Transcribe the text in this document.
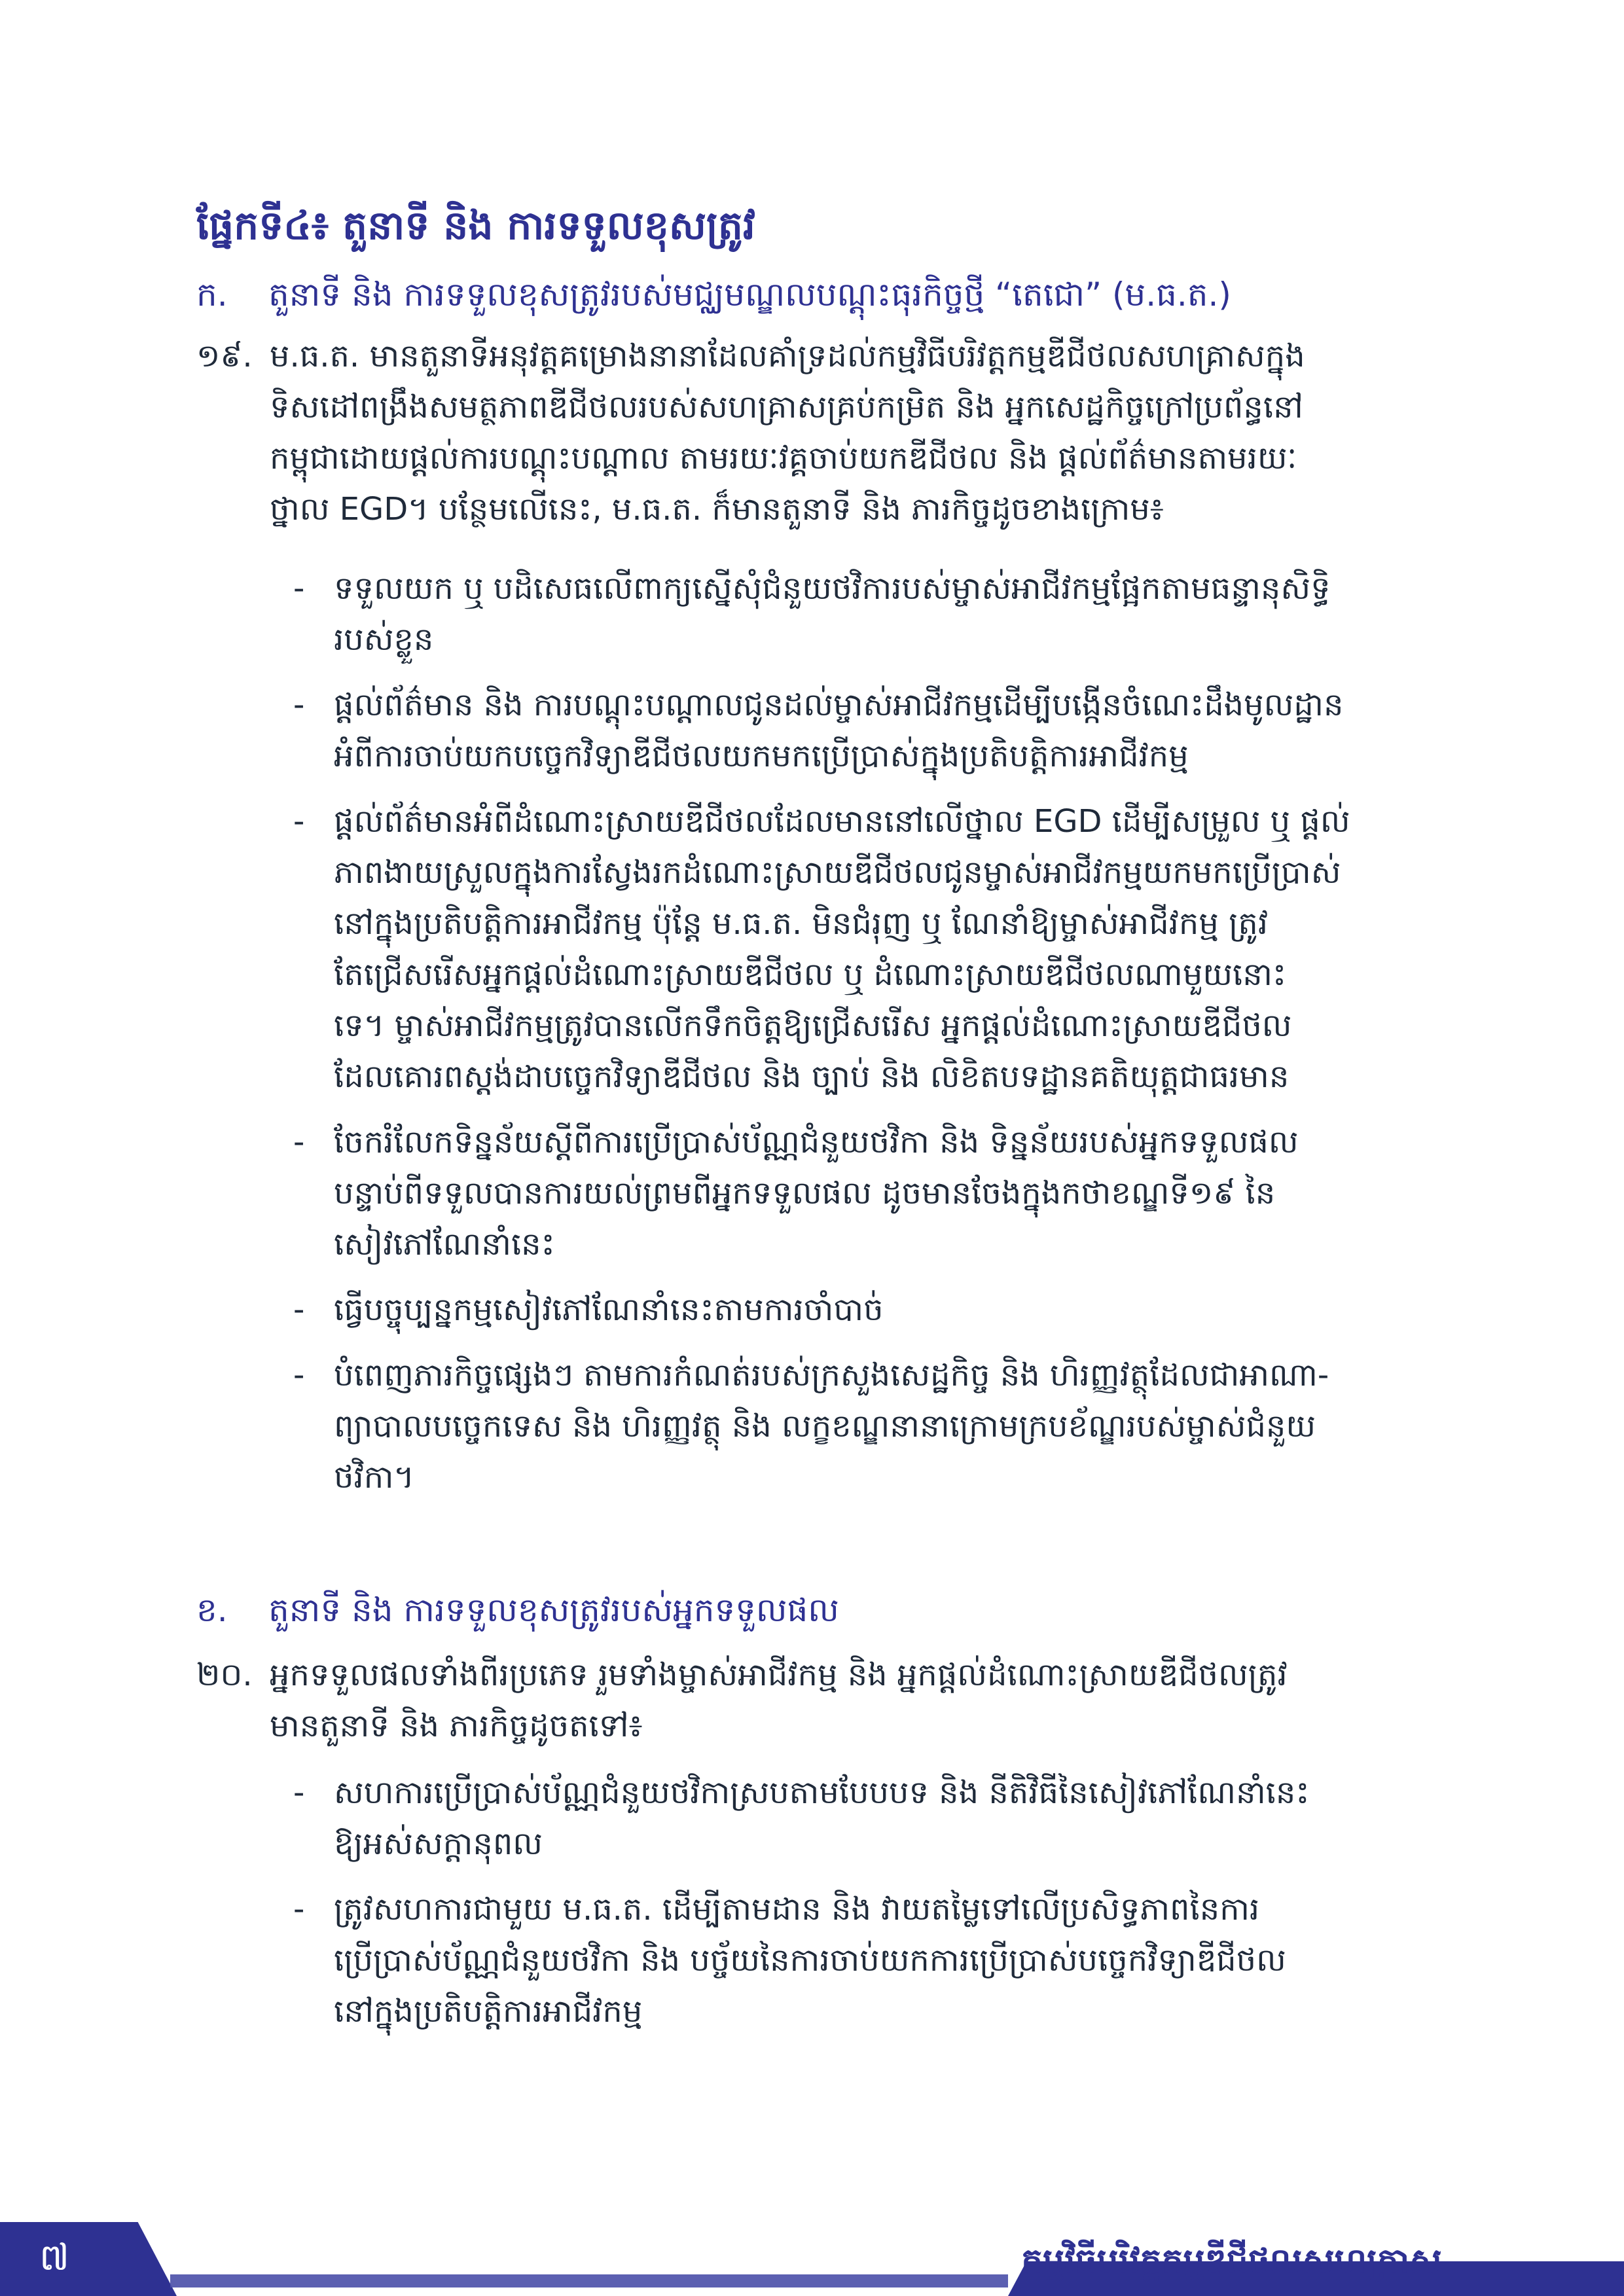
ផ្នែកទី៤៖ តួនាទី និង ការទទួលខុសត្រូវ
ក. តួនាទី និង ការទទួលខុសត្រូវរបស់មជ្ឈមណ្ឌលបណ្តុះធុរកិច្ចថ្មី “តេជោ” (ម.ធ.ត.)
១៩. ម.ធ.ត. មានតួនាទីអនុវត្តគម្រោងនានាដែលគាំទ្រដល់កម្មវិធីបរិវត្តកម្មឌីជីថលសហគ្រាសក្នុង
ទិសដៅពង្រឹងសមត្ថភាពឌីជីថលរបស់សហគ្រាសគ្រប់កម្រិត និង អ្នកសេដ្ឋកិច្ចក្រៅប្រព័ន្ធនៅ
កម្ពុជាដោយផ្តល់ការបណ្តុះបណ្តាល តាមរយៈវគ្គចាប់យកឌីជីថល និង ផ្តល់ព័ត៌មានតាមរយៈ
ថ្នាល EGD។ បន្ថែមលើនេះ, ម.ធ.ត. ក៏មានតួនាទី និង ភារកិច្ចដូចខាងក្រោម៖
- ទទួលយក ឬ បដិសេធលើពាក្យស្នើសុំជំនួយថវិការបស់ម្ចាស់អាជីវកម្មផ្អែកតាមធន្ទានុសិទ្ធិ
របស់ខ្លួន
- ផ្តល់ព័ត៌មាន និង ការបណ្តុះបណ្តាលជូនដល់ម្ចាស់អាជីវកម្មដើម្បីបង្កើនចំណេះដឹងមូលដ្ឋាន
អំពីការចាប់យកបច្ចេកវិទ្យាឌីជីថលយកមកប្រើប្រាស់ក្នុងប្រតិបត្តិការអាជីវកម្ម
- ផ្តល់ព័ត៌មានអំពីដំណោះស្រាយឌីជីថលដែលមាននៅលើថ្នាល EGD ដើម្បីសម្រួល ឬ ផ្តល់
ភាពងាយស្រួលក្នុងការស្វែងរកដំណោះស្រាយឌីជីថលជូនម្ចាស់អាជីវកម្មយកមកប្រើប្រាស់
នៅក្នុងប្រតិបត្តិការអាជីវកម្ម ប៉ុន្តែ ម.ធ.ត. មិនជំរុញ ឬ ណែនាំឱ្យម្ចាស់អាជីវកម្ម ត្រូវ
តែជ្រើសរើសអ្នកផ្តល់ដំណោះស្រាយឌីជីថល ឬ ដំណោះស្រាយឌីជីថលណាមួយនោះ
ទេ។ ម្ចាស់អាជីវកម្មត្រូវបានលើកទឹកចិត្តឱ្យជ្រើសរើស អ្នកផ្តល់ដំណោះស្រាយឌីជីថល
ដែលគោរពស្តង់ដាបច្ចេកវិទ្យាឌីជីថល និង ច្បាប់ និង លិខិតបទដ្ឋានគតិយុត្តជាធរមាន
- ចែករំលែកទិន្នន័យស្តីពីការប្រើប្រាស់ប័ណ្ណជំនួយថវិកា និង ទិន្នន័យរបស់អ្នកទទួលផល
បន្ទាប់ពីទទួលបានការយល់ព្រមពីអ្នកទទួលផល ដូចមានចែងក្នុងកថាខណ្ឌទី១៩ នៃ
សៀវភៅណែនាំនេះ
- ធ្វើបច្ចុប្បន្នកម្មសៀវភៅណែនាំនេះតាមការចាំបាច់
- បំពេញភារកិច្ចផ្សេងៗ តាមការកំណត់របស់ក្រសួងសេដ្ឋកិច្ច និង ហិរញ្ញវត្ថុដែលជាអាណា-
ព្យាបាលបច្ចេកទេស និង ហិរញ្ញវត្ថុ និង លក្ខខណ្ឌនានាក្រោមក្របខ័ណ្ឌរបស់ម្ចាស់ជំនួយ
ថវិកា។
ខ. តួនាទី និង ការទទួលខុសត្រូវរបស់អ្នកទទួលផល
២០. អ្នកទទួលផលទាំងពីរប្រភេទ រួមទាំងម្ចាស់អាជីវកម្ម និង អ្នកផ្តល់ដំណោះស្រាយឌីជីថលត្រូវ
មានតួនាទី និង ភារកិច្ចដូចតទៅ៖
- សហការប្រើប្រាស់ប័ណ្ណជំនួយថវិកាស្របតាមបែបបទ និង នីតិវិធីនៃសៀវភៅណែនាំនេះ
ឱ្យអស់សក្តានុពល
- ត្រូវសហការជាមួយ ម.ធ.ត. ដើម្បីតាមដាន និង វាយតម្លៃទៅលើប្រសិទ្ធភាពនៃការ
ប្រើប្រាស់ប័ណ្ណជំនួយថវិកា និង បច្ច័យនៃការចាប់យកការប្រើប្រាស់បច្ចេកវិទ្យាឌីជីថល
នៅក្នុងប្រតិបត្តិការអាជីវកម្ម
៧	កម្មវិធីបរិវត្តកម្មឌីជីថលសហគ្រាស
